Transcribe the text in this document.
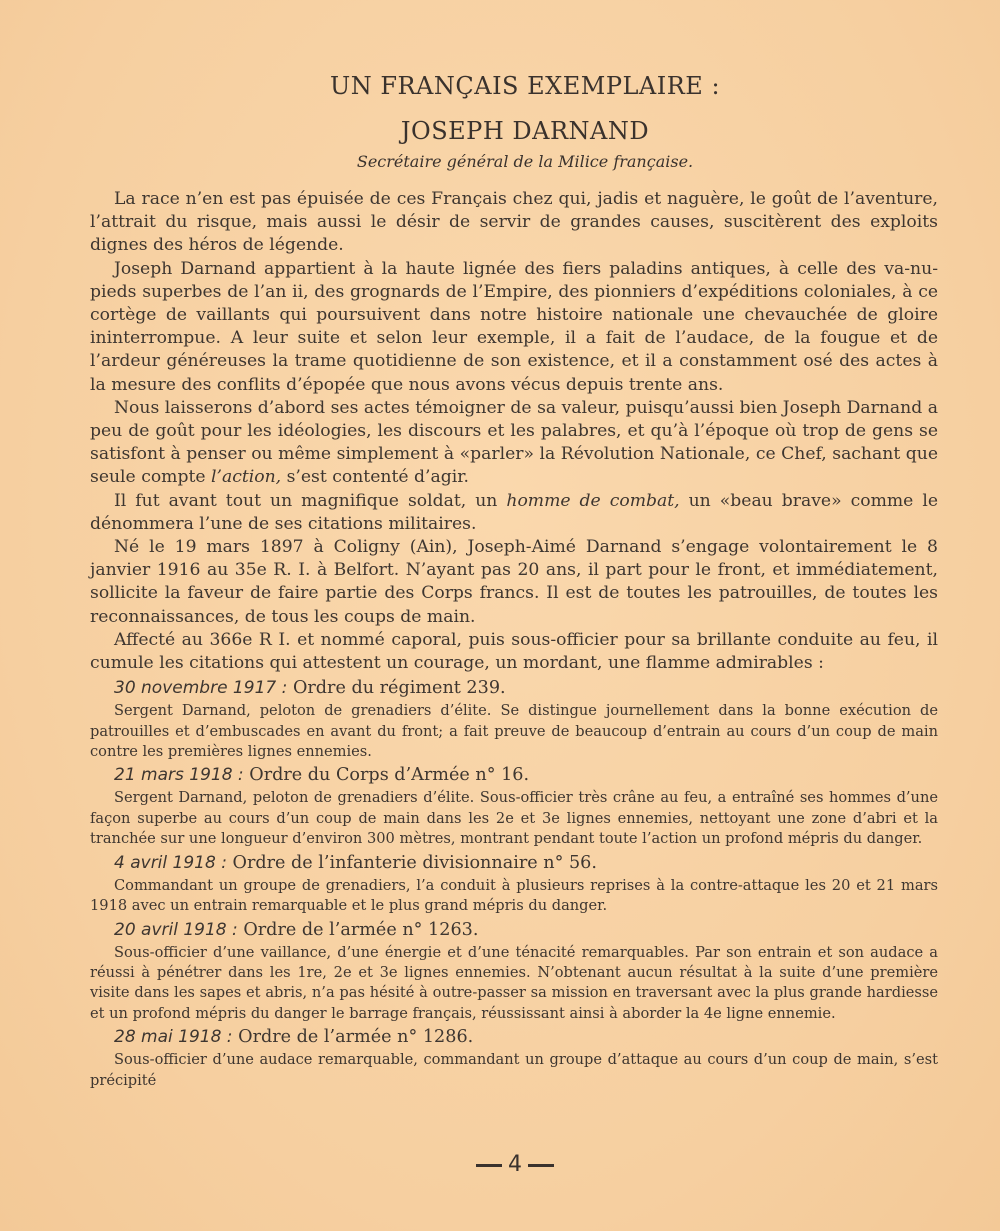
UN FRANÇAIS EXEMPLAIRE :
JOSEPH DARNAND
Secrétaire général de la Milice française.

La race n’en est pas épuisée de ces Français chez qui, jadis et naguère, le goût de l’aventure, l’attrait du risque, mais aussi le désir de servir de grandes causes, suscitèrent des exploits dignes des héros de légende.

Joseph Darnand appartient à la haute lignée des fiers paladins antiques, à celle des va-nu-pieds superbes de l’an ii, des grognards de l’Empire, des pionniers d’expéditions coloniales, à ce cortège de vaillants qui poursuivent dans notre histoire nationale une chevauchée de gloire ininterrompue. A leur suite et selon leur exemple, il a fait de l’audace, de la fougue et de l’ardeur généreuses la trame quotidienne de son existence, et il a constamment osé des actes à la mesure des conflits d’épopée que nous avons vécus depuis trente ans.

Nous laisserons d’abord ses actes témoigner de sa valeur, puisqu’aussi bien Joseph Darnand a peu de goût pour les idéologies, les discours et les palabres, et qu’à l’époque où trop de gens se satisfont à penser ou même simplement à «parler» la Révolution Nationale, ce Chef, sachant que seule compte l’action, s’est contenté d’agir.

Il fut avant tout un magnifique soldat, un homme de combat, un «beau brave» comme le dénommera l’une de ses citations militaires.

Né le 19 mars 1897 à Coligny (Ain), Joseph-Aimé Darnand s’engage volontairement le 8 janvier 1916 au 35e R. I. à Belfort. N’ayant pas 20 ans, il part pour le front, et immédiatement, sollicite la faveur de faire partie des Corps francs. Il est de toutes les patrouilles, de toutes les reconnaissances, de tous les coups de main.

Affecté au 366e R I. et nommé caporal, puis sous-officier pour sa brillante conduite au feu, il cumule les citations qui attestent un courage, un mordant, une flamme admirables :

30 novembre 1917 : Ordre du régiment 239.

Sergent Darnand, peloton de grenadiers d’élite. Se distingue journellement dans la bonne exécution de patrouilles et d’embuscades en avant du front; a fait preuve de beaucoup d’entrain au cours d’un coup de main contre les premières lignes ennemies.

21 mars 1918 : Ordre du Corps d’Armée n° 16.

Sergent Darnand, peloton de grenadiers d’élite. Sous-officier très crâne au feu, a entraîné ses hommes d’une façon superbe au cours d’un coup de main dans les 2e et 3e lignes ennemies, nettoyant une zone d’abri et la tranchée sur une longueur d’environ 300 mètres, montrant pendant toute l’action un profond mépris du danger.

4 avril 1918 : Ordre de l’infanterie divisionnaire n° 56.

Commandant un groupe de grenadiers, l’a conduit à plusieurs reprises à la contre-attaque les 20 et 21 mars 1918 avec un entrain remarquable et le plus grand mépris du danger.

20 avril 1918 : Ordre de l’armée n° 1263.

Sous-officier d’une vaillance, d’une énergie et d’une ténacité remarquables. Par son entrain et son audace a réussi à pénétrer dans les 1re, 2e et 3e lignes ennemies. N’obtenant aucun résultat à la suite d’une première visite dans les sapes et abris, n’a pas hésité à outre-passer sa mission en traversant avec la plus grande hardiesse et un profond mépris du danger le barrage français, réussissant ainsi à aborder la 4e ligne ennemie.

28 mai 1918 : Ordre de l’armée n° 1286.

Sous-officier d’une audace remarquable, commandant un groupe d’attaque au cours d’un coup de main, s’est précipité

4
